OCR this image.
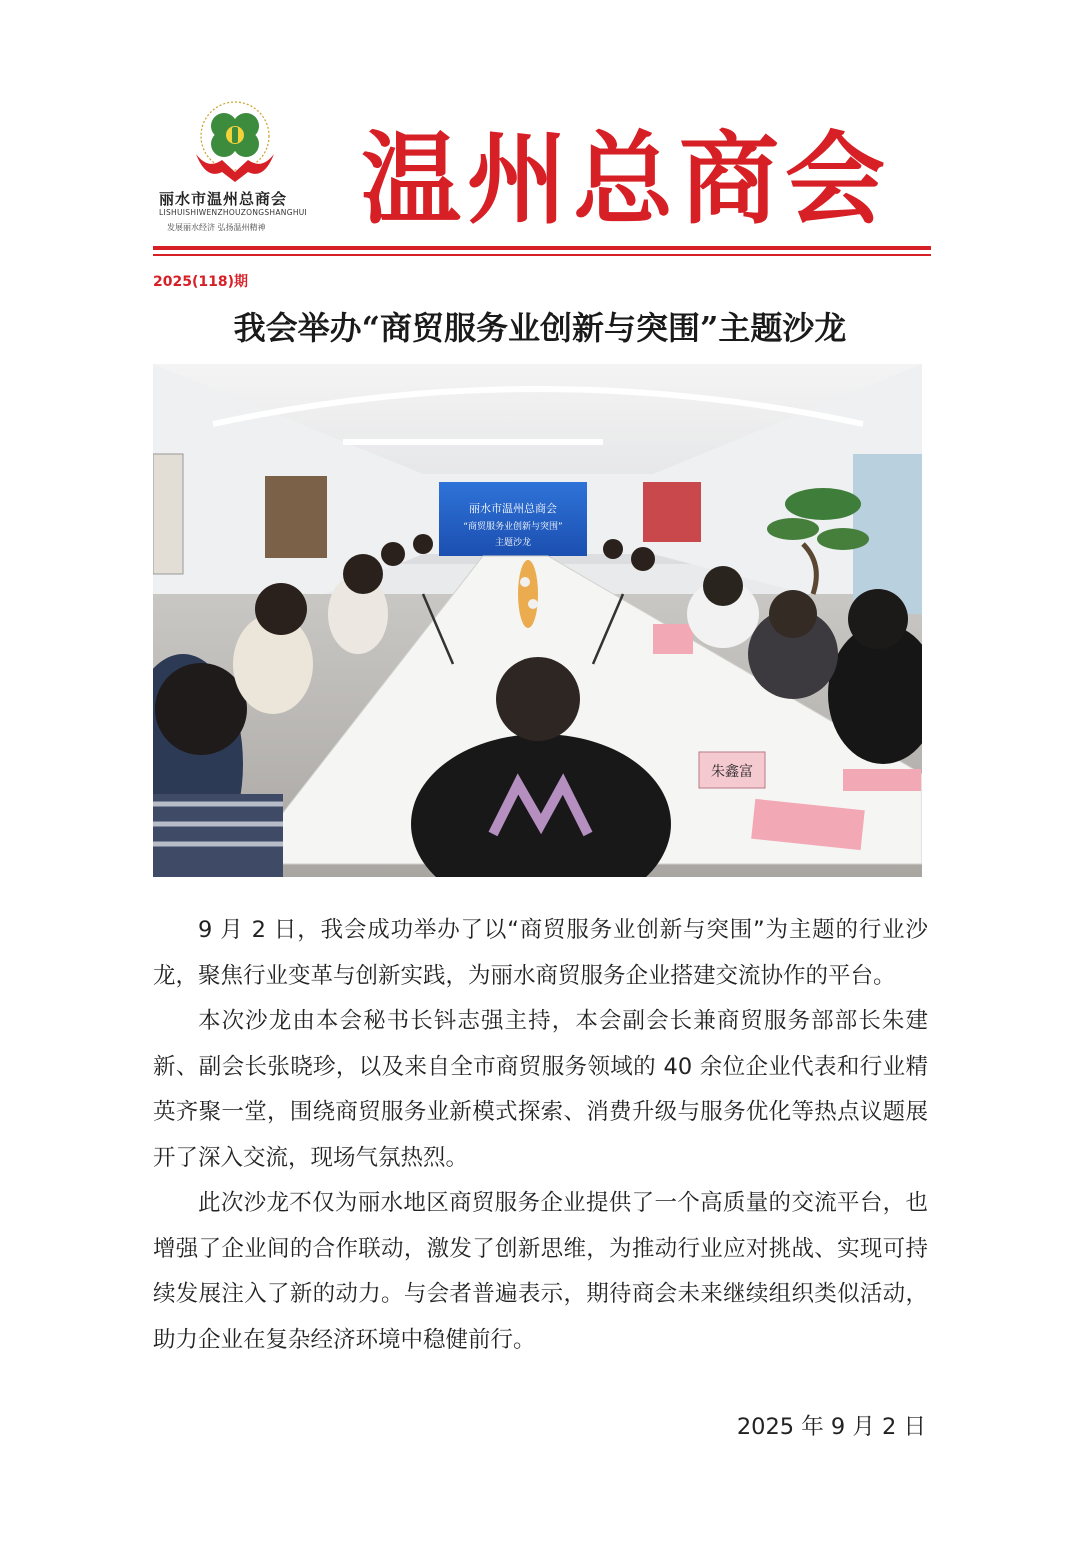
丽水市温州总商会
LISHUISHIWENZHOUZONGSHANGHUI
发展丽水经济 弘扬温州精神 温州总商会
2025(118)期
我会举办“商贸服务业创新与突围”主题沙龙
丽水市温州总商会
“商贸服务业创新与突围”
主题沙龙
朱鑫富

9 月 2 日，我会成功举办了以“商贸服务业创新与突围”为主题的行业沙龙，聚焦行业变革与创新实践，为丽水商贸服务企业搭建交流协作的平台。

本次沙龙由本会秘书长钭志强主持，本会副会长兼商贸服务部部长朱建新、副会长张晓珍，以及来自全市商贸服务领域的 40 余位企业代表和行业精英齐聚一堂，围绕商贸服务业新模式探索、消费升级与服务优化等热点议题展开了深入交流，现场气氛热烈。

此次沙龙不仅为丽水地区商贸服务企业提供了一个高质量的交流平台，也增强了企业间的合作联动，激发了创新思维，为推动行业应对挑战、实现可持续发展注入了新的动力。与会者普遍表示，期待商会未来继续组织类似活动，助力企业在复杂经济环境中稳健前行。

2025 年 9 月 2 日
